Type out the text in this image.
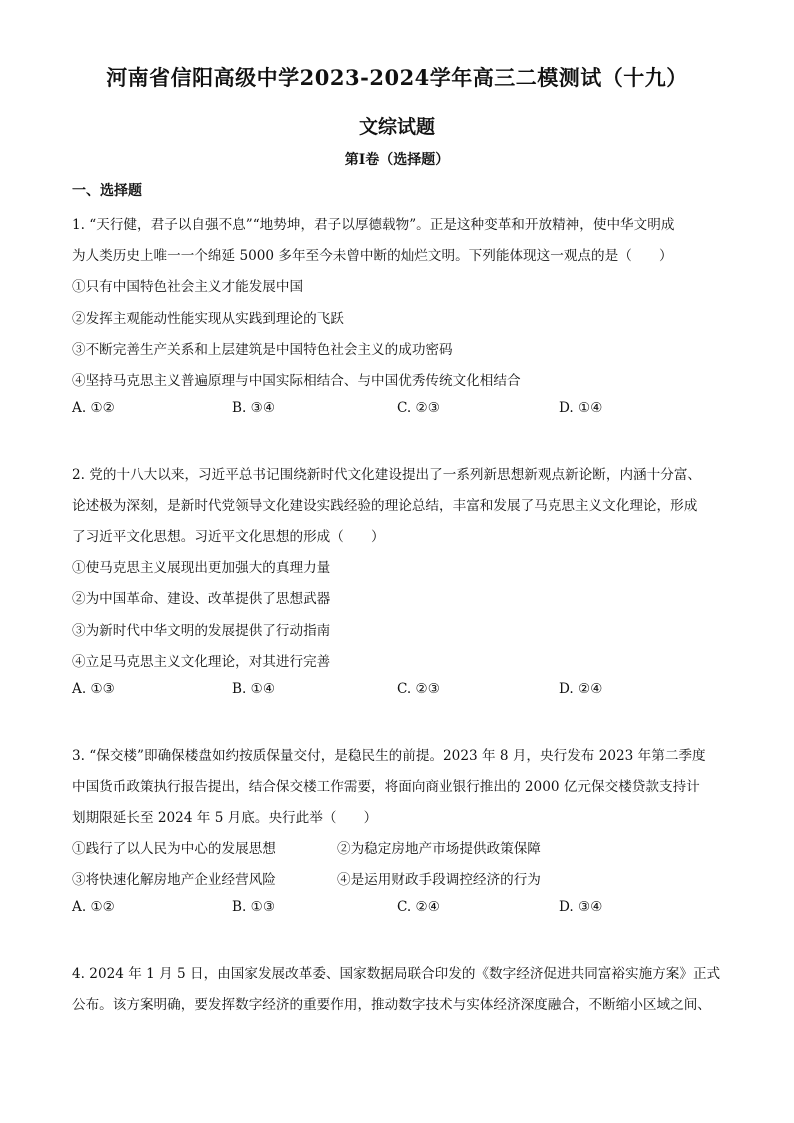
河南省信阳高级中学2023-2024学年高三二模测试（十九）
文综试题
第Ⅰ卷（选择题）
一、选择题
1. “天行健，君子以自强不息”“地势坤，君子以厚德载物”。正是这种变革和开放精神，使中华文明成
为人类历史上唯一一个绵延 5000 多年至今未曾中断的灿烂文明。下列能体现这一观点的是（　　）
①只有中国特色社会主义才能发展中国
②发挥主观能动性能实现从实践到理论的飞跃
③不断完善生产关系和上层建筑是中国特色社会主义的成功密码
④坚持马克思主义普遍原理与中国实际相结合、与中国优秀传统文化相结合
A. ①②	B. ③④	C. ②③	D. ①④
2. 党的十八大以来，习近平总书记围绕新时代文化建设提出了一系列新思想新观点新论断，内涵十分富、
论述极为深刻，是新时代党领导文化建设实践经验的理论总结，丰富和发展了马克思主义文化理论，形成
了习近平文化思想。习近平文化思想的形成（　　）
①使马克思主义展现出更加强大的真理力量
②为中国革命、建设、改革提供了思想武器
③为新时代中华文明的发展提供了行动指南
④立足马克思主义文化理论，对其进行完善
A. ①③	B. ①④	C. ②③	D. ②④
3. “保交楼”即确保楼盘如约按质保量交付，是稳民生的前提。2023 年 8 月，央行发布 2023 年第二季度
中国货币政策执行报告提出，结合保交楼工作需要，将面向商业银行推出的 2000 亿元保交楼贷款支持计
划期限延长至 2024 年 5 月底。央行此举（　　）
①践行了以人民为中心的发展思想	②为稳定房地产市场提供政策保障
③将快速化解房地产企业经营风险	④是运用财政手段调控经济的行为
A. ①②	B. ①③	C. ②④	D. ③④
4. 2024 年 1 月 5 日，由国家发展改革委、国家数据局联合印发的《数字经济促进共同富裕实施方案》正式
公布。该方案明确，要发挥数字经济的重要作用，推动数字技术与实体经济深度融合，不断缩小区域之间、
